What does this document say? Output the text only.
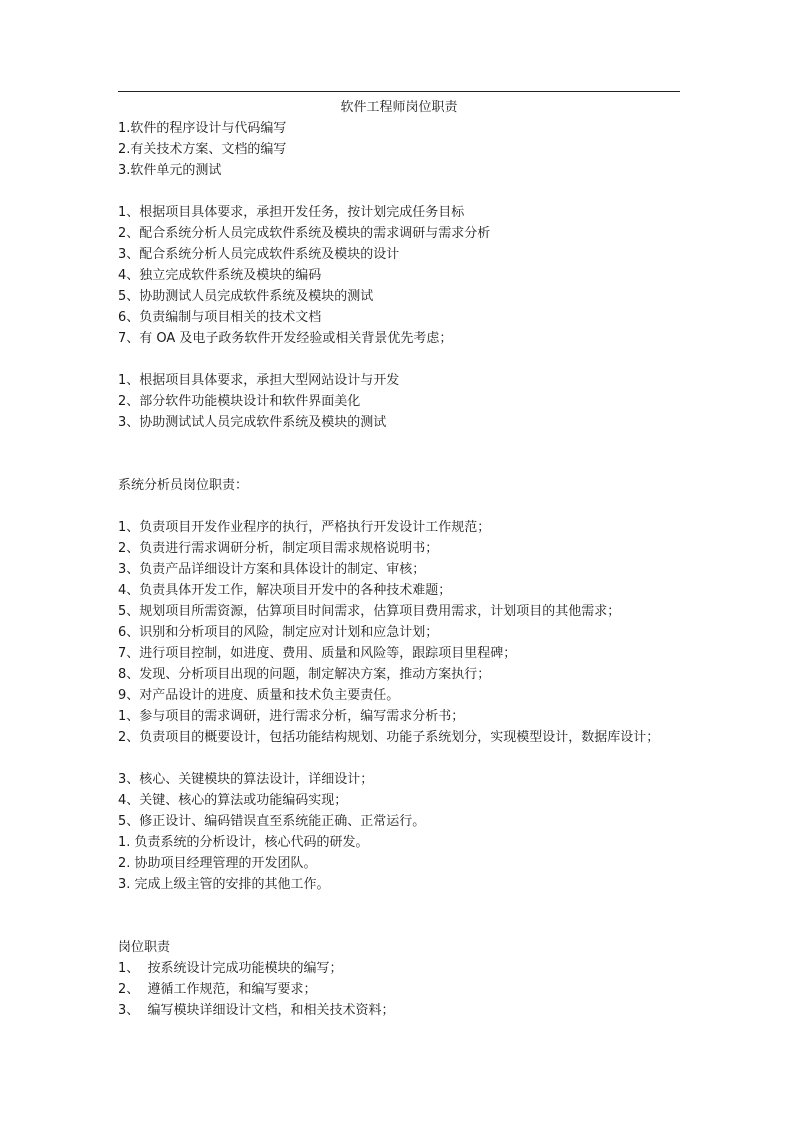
软件工程师岗位职责
1.软件的程序设计与代码编写
2.有关技术方案、文档的编写
3.软件单元的测试
1、根据项目具体要求，承担开发任务，按计划完成任务目标
2、配合系统分析人员完成软件系统及模块的需求调研与需求分析
3、配合系统分析人员完成软件系统及模块的设计
4、独立完成软件系统及模块的编码
5、协助测试人员完成软件系统及模块的测试
6、负责编制与项目相关的技术文档
7、有 OA 及电子政务软件开发经验或相关背景优先考虑；
1、根据项目具体要求，承担大型网站设计与开发
2、部分软件功能模块设计和软件界面美化
3、协助测试试人员完成软件系统及模块的测试
系统分析员岗位职责：
1、负责项目开发作业程序的执行，严格执行开发设计工作规范；
2、负责进行需求调研分析，制定项目需求规格说明书；
3、负责产品详细设计方案和具体设计的制定、审核；
4、负责具体开发工作，解决项目开发中的各种技术难题；
5、规划项目所需资源，估算项目时间需求，估算项目费用需求，计划项目的其他需求；
6、识别和分析项目的风险，制定应对计划和应急计划；
7、进行项目控制，如进度、费用、质量和风险等，跟踪项目里程碑；
8、发现、分析项目出现的问题，制定解决方案，推动方案执行；
9、对产品设计的进度、质量和技术负主要责任。
1、参与项目的需求调研，进行需求分析，编写需求分析书；
2、负责项目的概要设计，包括功能结构规划、功能子系统划分，实现模型设计，数据库设计；
3、核心、关键模块的算法设计，详细设计；
4、关键、核心的算法或功能编码实现；
5、修正设计、编码错误直至系统能正确、正常运行。
1. 负责系统的分析设计，核心代码的研发。
2. 协助项目经理管理的开发团队。
3. 完成上级主管的安排的其他工作。
岗位职责
1、  按系统设计完成功能模块的编写；
2、  遵循工作规范，和编写要求；
3、  编写模块详细设计文档，和相关技术资料；
